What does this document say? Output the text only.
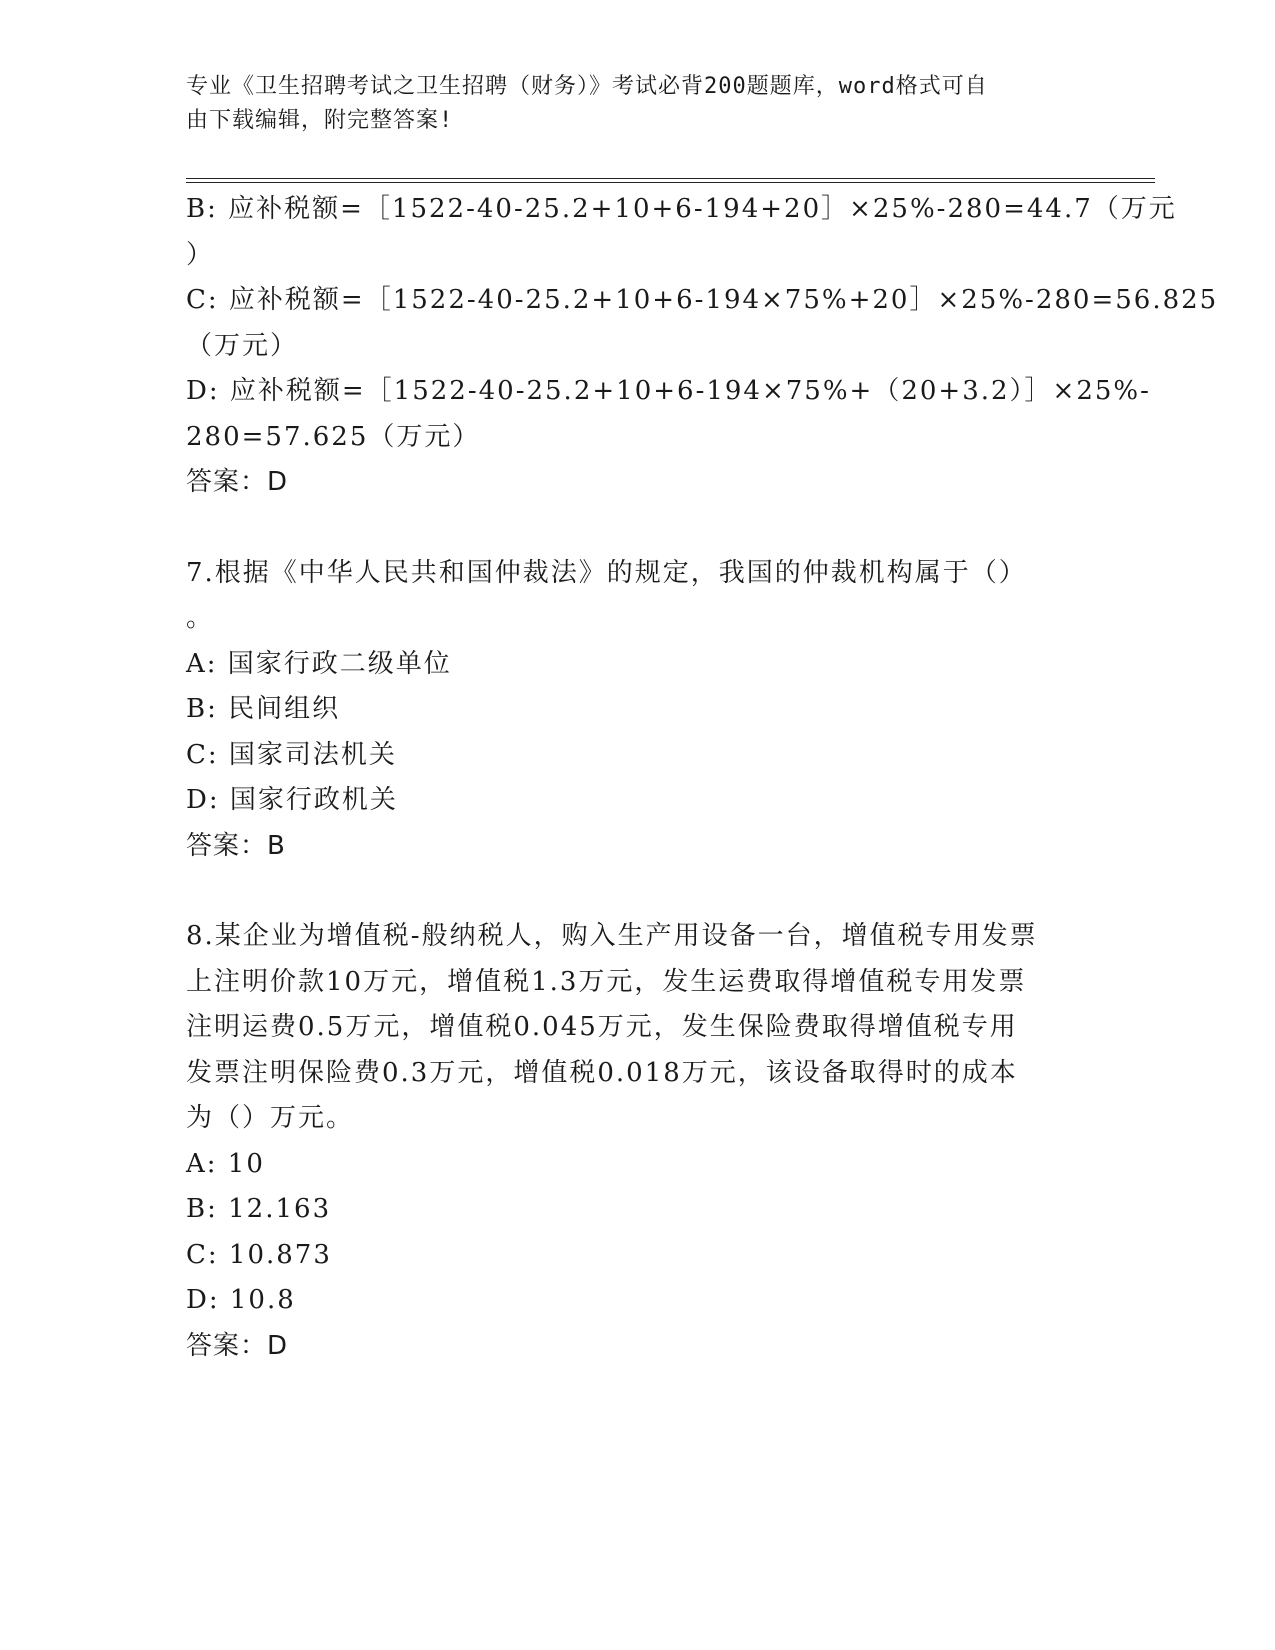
专业《卫生招聘考试之卫生招聘（财务）》考试必背200题题库，word格式可自

由下载编辑，附完整答案!

B: 应补税额=［1522-40-25.2+10+6-194+20］×25%-280=44.7（万元
）
C: 应补税额=［1522-40-25.2+10+6-194×75%+20］×25%-280=56.825
（万元）
D: 应补税额=［1522-40-25.2+10+6-194×75%+（20+3.2）］×25%-
280=57.625（万元）
答案：D
7.根据《中华人民共和国仲裁法》的规定，我国的仲裁机构属于（）
。
A: 国家行政二级单位
B: 民间组织
C: 国家司法机关
D: 国家行政机关
答案：B
8.某企业为增值税-般纳税人，购入生产用设备一台，增值税专用发票
上注明价款10万元，增值税1.3万元，发生运费取得增值税专用发票
注明运费0.5万元，增值税0.045万元，发生保险费取得增值税专用
发票注明保险费0.3万元，增值税0.018万元，该设备取得时的成本
为（）万元。
A: 10
B: 12.163
C: 10.873
D: 10.8
答案：D
